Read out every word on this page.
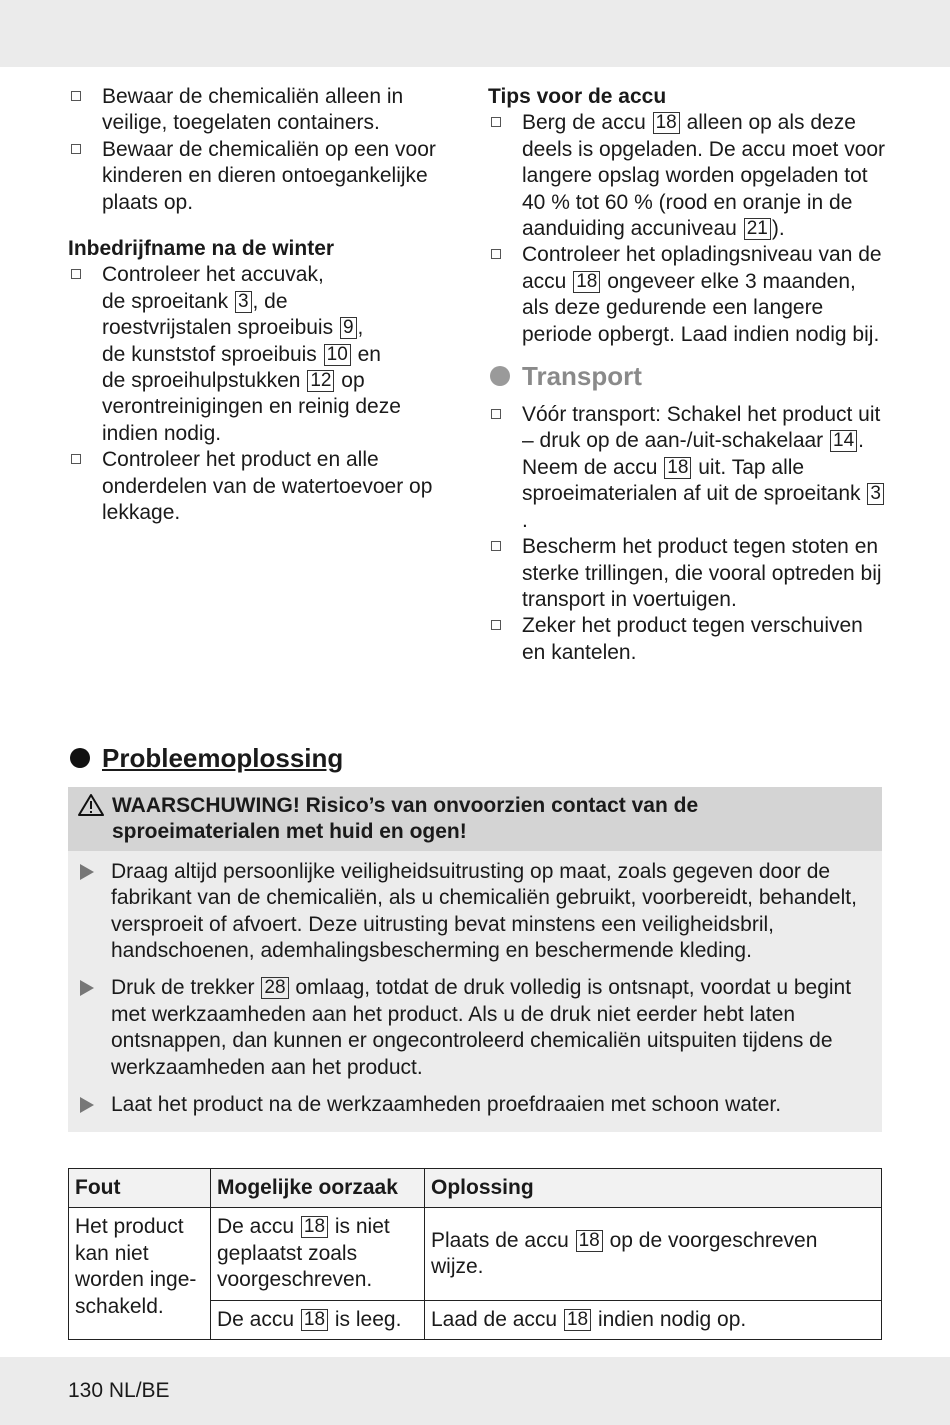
Bewaar de chemicaliën alleen in veilige, toegelaten containers.
Bewaar de chemicaliën op een voor kinderen en dieren ontoegankelijke plaats op.

Inbedrijfname na de winter

Controleer het accuvak,
de sproeitank 3 , de
roestvrijstalen sproeibuis 9 ,
de kunststof sproeibuis 10 en
de sproeihulpstukken 12 op
verontreinigingen en reinig deze indien nodig.
Controleer het product en alle onderdelen van de watertoevoer op lekkage.

Tips voor de accu

Berg de accu 18 alleen op als deze deels is opgeladen. De accu moet voor langere opslag worden opgeladen tot 40 % tot 60 % (rood en oranje in de aanduiding accuniveau 21 ).
Controleer het opladingsniveau van de accu 18 ongeveer elke 3 maanden, als deze gedurende een langere periode opbergt. Laad indien nodig bij.
Transport
Vóór transport: Schakel het product uit – druk op de aan-/uit-schakelaar 14 . Neem de accu 18 uit. Tap alle sproeimaterialen af uit de sproeitank 3.
Bescherm het product tegen stoten en sterke trillingen, die vooral optreden bij transport in voertuigen.
Zeker het product tegen verschuiven en kantelen.
Probleemoplossing
WAARSCHUWING! Risico’s van onvoorzien contact van de sproeimaterialen met huid en ogen!
Draag altijd persoonlijke veiligheidsuitrusting op maat, zoals gegeven door de fabrikant van de chemicaliën, als u chemicaliën gebruikt, voorbereidt, behandelt, versproeit of afvoert. Deze uitrusting bevat minstens een veiligheidsbril, handschoenen, ademhalingsbescherming en beschermende kleding.
Druk de trekker 28 omlaag, totdat de druk volledig is ontsnapt, voordat u begint met werkzaamheden aan het product. Als u de druk niet eerder hebt laten ontsnappen, dan kunnen er ongecontroleerd chemicaliën uitspuiten tijdens de werkzaamheden aan het product.
Laat het product na de werkzaamheden proefdraaien met schoon water.
Fout	Mogelijke oorzaak	Oplossing
Het product kan niet worden inge-schakeld.	De accu 18 is niet geplaatst zoals voorgeschreven.	Plaats de accu 18 op de voorgeschreven wijze.
	De accu 18 is leeg.	Laad de accu 18 indien nodig op.
130 NL/BE
